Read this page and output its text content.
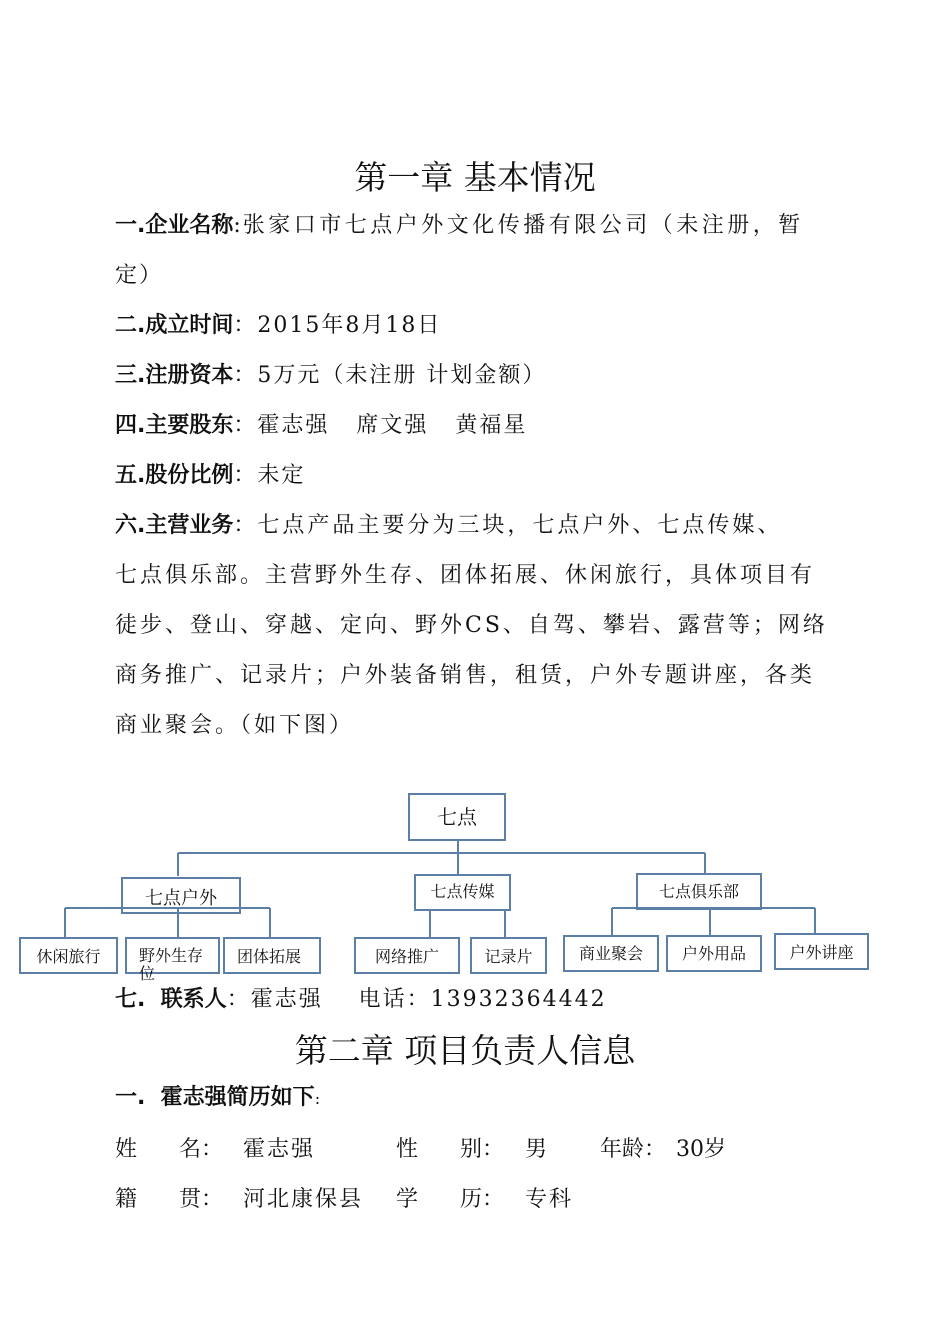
第一章 基本情况
一.企业名称:张家口市七点户外文化传播有限公司（未注册，暂
定）
二.成立时间：2015年8月18日
三.注册资本：5万元（未注册 计划金额）
四.主要股东：霍志强   席文强   黄福星
五.股份比例：未定
六.主营业务：七点产品主要分为三块，七点户外、七点传媒、
七点俱乐部。主营野外生存、团体拓展、休闲旅行，具体项目有
徒步、登山、穿越、定向、野外CS、自驾、攀岩、露营等；网络
商务推广、记录片；户外装备销售，租赁，户外专题讲座，各类
商业聚会。（如下图）
七点
七点户外	七点传媒	七点俱乐部
休闲旅行	野外生存位
团体拓展	网络推广	记录片	商业聚会	户外用品	户外讲座
七.  联系人：霍志强    电话：13932364442
第二章 项目负责人信息
一.  霍志强简历如下:
姓      名： 霍志强	性      别： 男 年龄： 30岁
籍      贯： 河北康保县 学      历： 专科
